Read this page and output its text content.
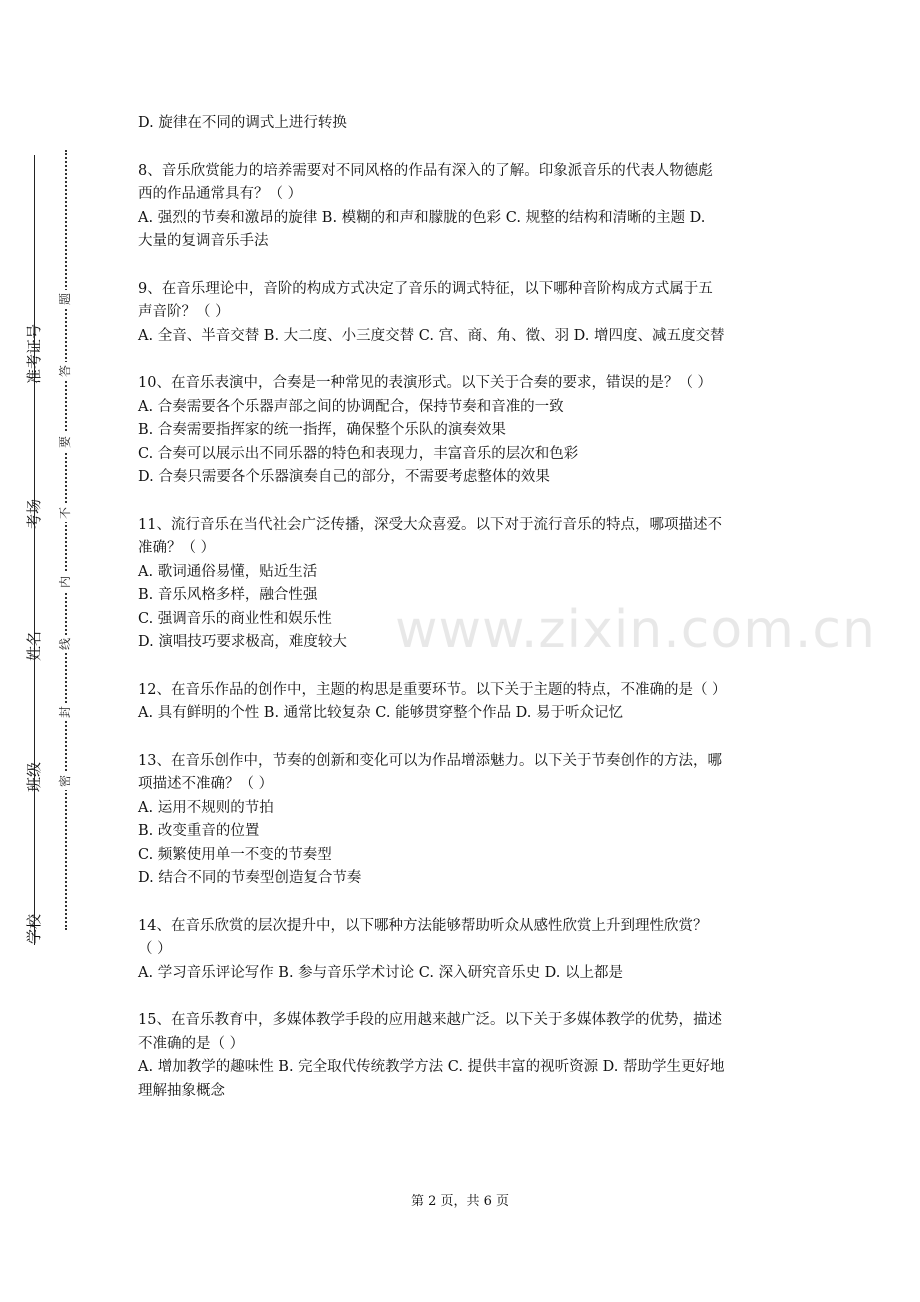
学校
班级
姓名
考场
准考证号
题
答
要
不
内
线
封
密
www.zixin.com.cn
D. 旋律在不同的调式上进行转换
8、音乐欣赏能力的培养需要对不同风格的作品有深入的了解。印象派音乐的代表人物德彪
西的作品通常具有？（ ）
A. 强烈的节奏和激昂的旋律 B. 模糊的和声和朦胧的色彩 C. 规整的结构和清晰的主题 D.
大量的复调音乐手法
9、在音乐理论中，音阶的构成方式决定了音乐的调式特征，以下哪种音阶构成方式属于五
声音阶？（ ）
A. 全音、半音交替 B. 大二度、小三度交替 C. 宫、商、角、徵、羽 D. 增四度、减五度交替
10、在音乐表演中，合奏是一种常见的表演形式。以下关于合奏的要求，错误的是？（ ）
A. 合奏需要各个乐器声部之间的协调配合，保持节奏和音准的一致
B. 合奏需要指挥家的统一指挥，确保整个乐队的演奏效果
C. 合奏可以展示出不同乐器的特色和表现力，丰富音乐的层次和色彩
D. 合奏只需要各个乐器演奏自己的部分，不需要考虑整体的效果
11、流行音乐在当代社会广泛传播，深受大众喜爱。以下对于流行音乐的特点，哪项描述不
准确？（ ）
A. 歌词通俗易懂，贴近生活
B. 音乐风格多样，融合性强
C. 强调音乐的商业性和娱乐性
D. 演唱技巧要求极高，难度较大
12、在音乐作品的创作中，主题的构思是重要环节。以下关于主题的特点，不准确的是（ ）
A. 具有鲜明的个性 B. 通常比较复杂 C. 能够贯穿整个作品 D. 易于听众记忆
13、在音乐创作中，节奏的创新和变化可以为作品增添魅力。以下关于节奏创作的方法，哪
项描述不准确？（ ）
A. 运用不规则的节拍
B. 改变重音的位置
C. 频繁使用单一不变的节奏型
D. 结合不同的节奏型创造复合节奏
14、在音乐欣赏的层次提升中，以下哪种方法能够帮助听众从感性欣赏上升到理性欣赏？
（ ）
A. 学习音乐评论写作 B. 参与音乐学术讨论 C. 深入研究音乐史 D. 以上都是
15、在音乐教育中，多媒体教学手段的应用越来越广泛。以下关于多媒体教学的优势，描述
不准确的是（ ）
A. 增加教学的趣味性 B. 完全取代传统教学方法 C. 提供丰富的视听资源 D. 帮助学生更好地
理解抽象概念
第 2 页，共 6 页
